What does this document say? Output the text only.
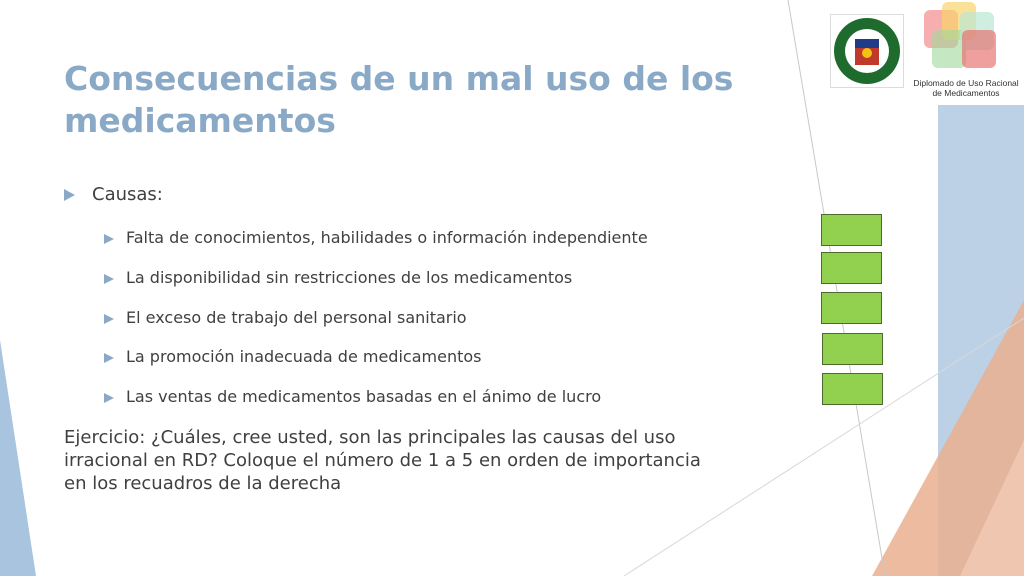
Diplomado de Uso Racional de Medicamentos
Consecuencias de un mal uso de los medicamentos
Causas:
Falta de conocimientos, habilidades o información independiente
La disponibilidad sin restricciones de los medicamentos
El exceso de trabajo del personal sanitario
La promoción inadecuada de medicamentos
Las ventas de medicamentos basadas en el ánimo de lucro
Ejercicio: ¿Cuáles, cree usted, son las principales las causas del uso irracional en RD? Coloque el número de 1 a 5 en orden de importancia en los recuadros de la derecha
